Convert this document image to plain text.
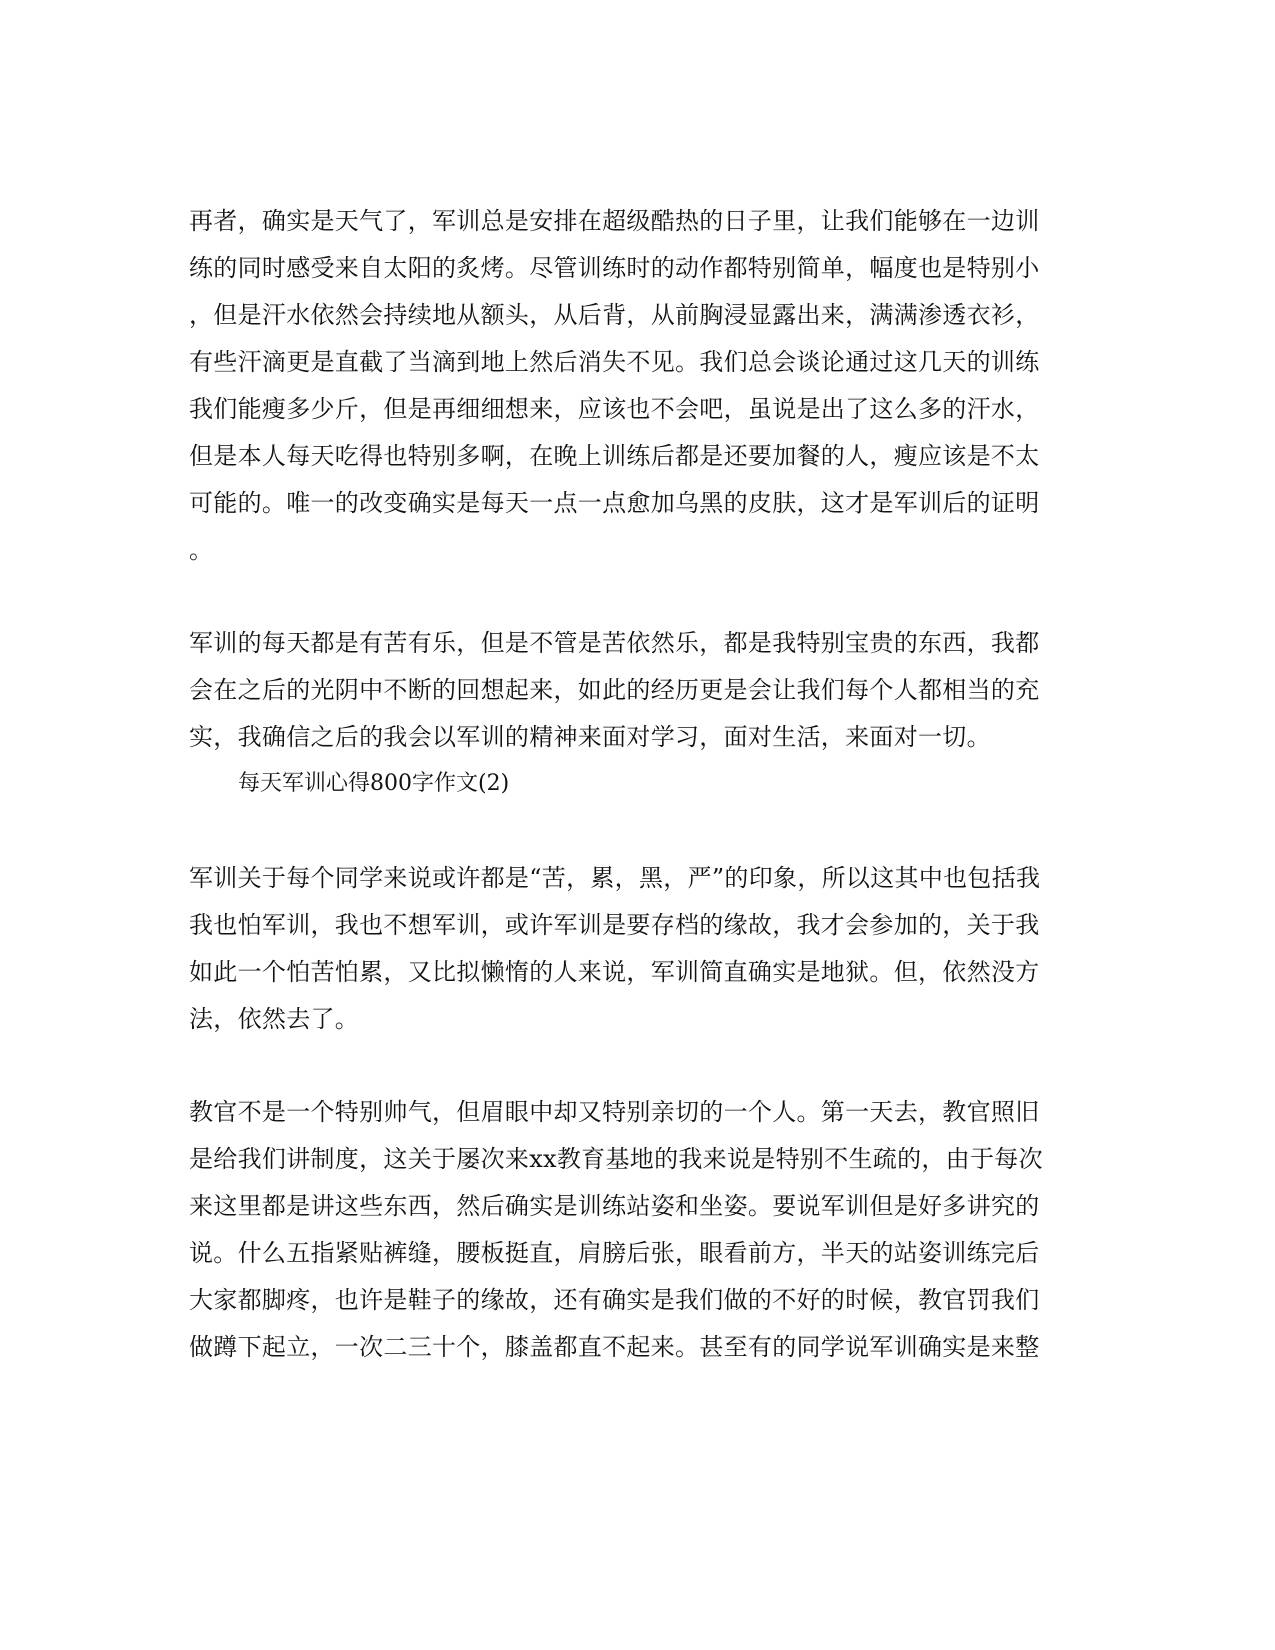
再者，确实是天气了，军训总是安排在超级酷热的日子里，让我们能够在一边训
练的同时感受来自太阳的炙烤。尽管训练时的动作都特别简单，幅度也是特别小
，但是汗水依然会持续地从额头，从后背，从前胸浸显露出来，满满渗透衣衫，
有些汗滴更是直截了当滴到地上然后消失不见。我们总会谈论通过这几天的训练
我们能瘦多少斤，但是再细细想来，应该也不会吧，虽说是出了这么多的汗水，
但是本人每天吃得也特别多啊，在晚上训练后都是还要加餐的人，瘦应该是不太
可能的。唯一的改变确实是每天一点一点愈加乌黑的皮肤，这才是军训后的证明
。
军训的每天都是有苦有乐，但是不管是苦依然乐，都是我特别宝贵的东西，我都
会在之后的光阴中不断的回想起来，如此的经历更是会让我们每个人都相当的充
实，我确信之后的我会以军训的精神来面对学习，面对生活，来面对一切。
每天军训心得800字作文(2)
军训关于每个同学来说或许都是“苦，累，黑，严”的印象，所以这其中也包括我
我也怕军训，我也不想军训，或许军训是要存档的缘故，我才会参加的，关于我
如此一个怕苦怕累，又比拟懒惰的人来说，军训简直确实是地狱。但，依然没方
法，依然去了。
教官不是一个特别帅气，但眉眼中却又特别亲切的一个人。第一天去，教官照旧
是给我们讲制度，这关于屡次来xx教育基地的我来说是特别不生疏的，由于每次
来这里都是讲这些东西，然后确实是训练站姿和坐姿。要说军训但是好多讲究的
说。什么五指紧贴裤缝，腰板挺直，肩膀后张，眼看前方，半天的站姿训练完后
大家都脚疼，也许是鞋子的缘故，还有确实是我们做的不好的时候，教官罚我们
做蹲下起立，一次二三十个，膝盖都直不起来。甚至有的同学说军训确实是来整
